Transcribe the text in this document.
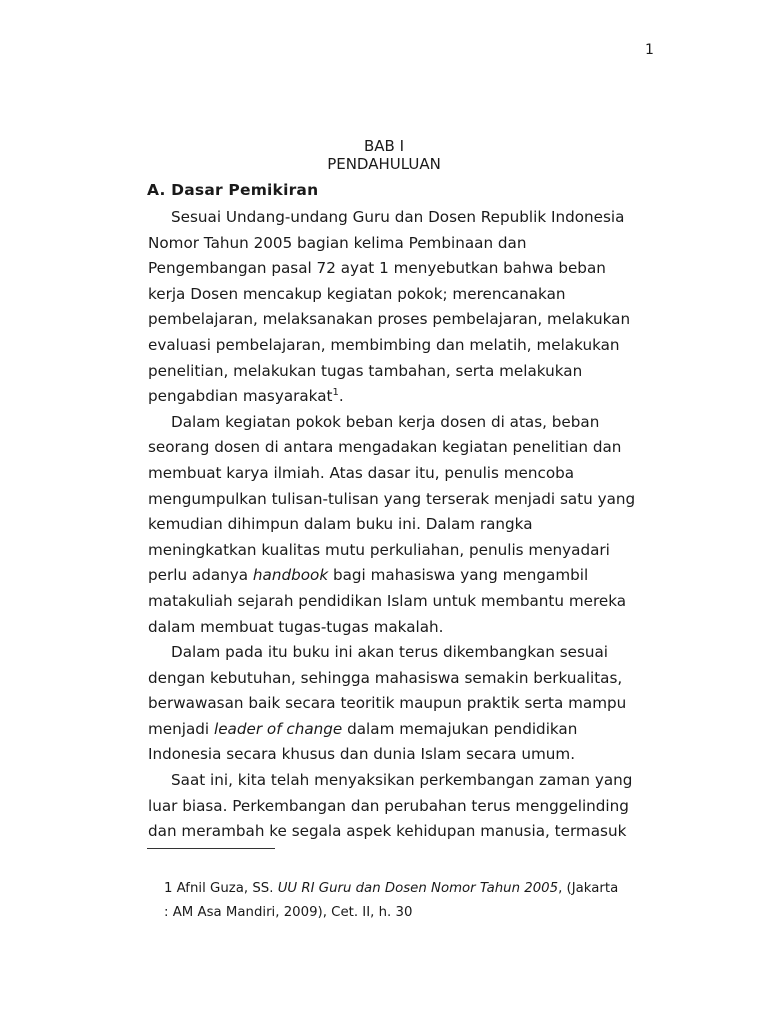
1
BAB I
PENDAHULUAN
A. Dasar Pemikiran
Sesuai Undang-undang Guru dan Dosen Republik Indonesia
Nomor Tahun 2005 bagian kelima Pembinaan dan
Pengembangan pasal 72 ayat 1 menyebutkan bahwa beban
kerja Dosen mencakup kegiatan pokok; merencanakan
pembelajaran, melaksanakan proses pembelajaran, melakukan
evaluasi pembelajaran, membimbing dan melatih, melakukan
penelitian, melakukan tugas tambahan, serta melakukan
pengabdian masyarakat$^1$.
Dalam kegiatan pokok beban kerja dosen di atas, beban
seorang dosen di antara mengadakan kegiatan penelitian dan
membuat karya ilmiah. Atas dasar itu, penulis mencoba
mengumpulkan tulisan-tulisan yang terserak menjadi satu yang
kemudian dihimpun dalam buku ini. Dalam rangka
meningkatkan kualitas mutu perkuliahan, penulis menyadari
perlu adanya handbook bagi mahasiswa yang mengambil
matakuliah sejarah pendidikan Islam untuk membantu mereka
dalam membuat tugas-tugas makalah.
Dalam pada itu buku ini akan terus dikembangkan sesuai
dengan kebutuhan, sehingga mahasiswa semakin berkualitas,
berwawasan baik secara teoritik maupun praktik serta mampu
menjadi leader of change dalam memajukan pendidikan
Indonesia secara khusus dan dunia Islam secara umum.
Saat ini, kita telah menyaksikan perkembangan zaman yang
luar biasa. Perkembangan dan perubahan terus menggelinding
dan merambah ke segala aspek kehidupan manusia, termasuk
1 Afnil Guza, SS. UU RI Guru dan Dosen Nomor Tahun 2005, (Jakarta
: AM Asa Mandiri, 2009), Cet. II, h. 30
